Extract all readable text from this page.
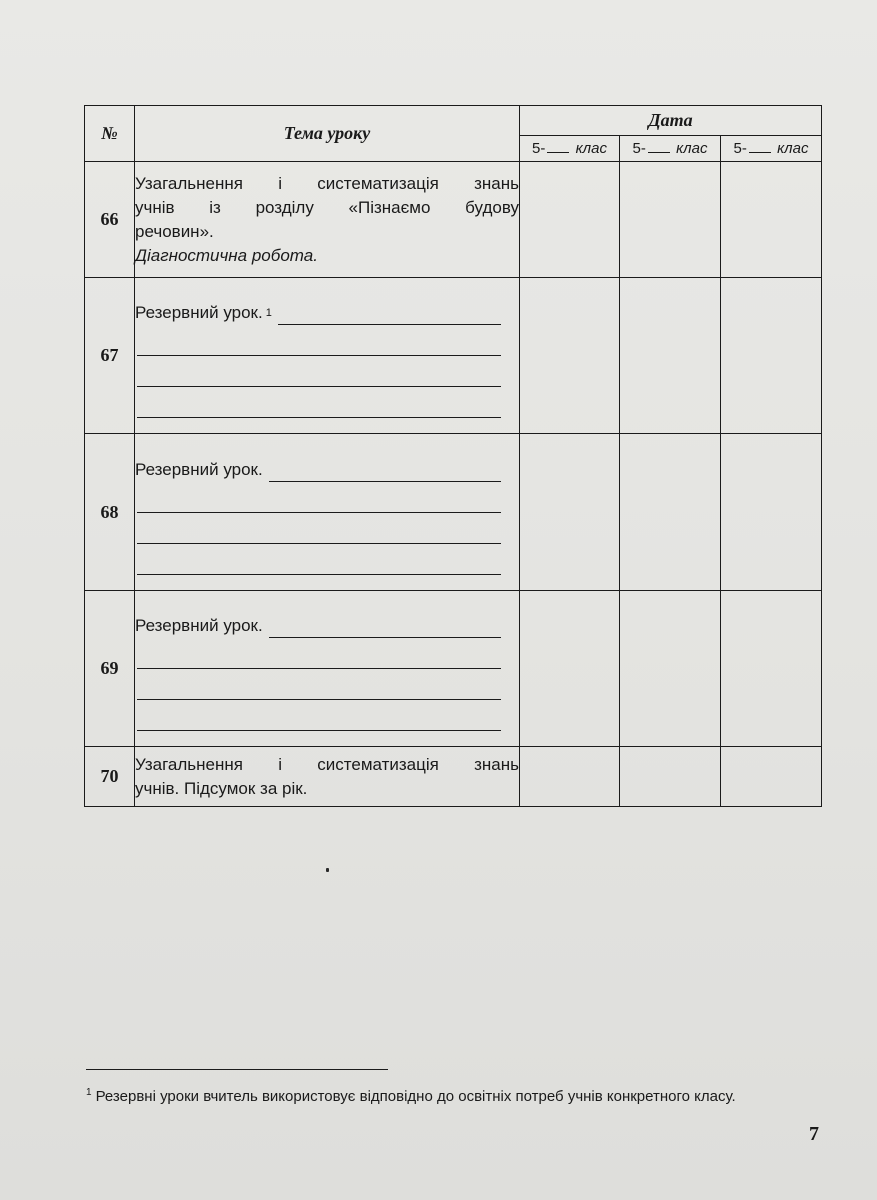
№	Тема уроку	Дата		
		5- клас	5- клас	5- клас
66	Узагальнення і систематизація знань
учнів із розділу «Пізнаємо будову
речовин».
Діагностична робота.			

67	Резервний урок. 1			

68	Резервний урок.			

69	Резервний урок.			

70	Узагальнення і систематизація знань
учнів. Підсумок за рік.			

$^1$ Резервні уроки вчитель використовує відповідно до освітніх потреб учнів конкретного класу.
7
